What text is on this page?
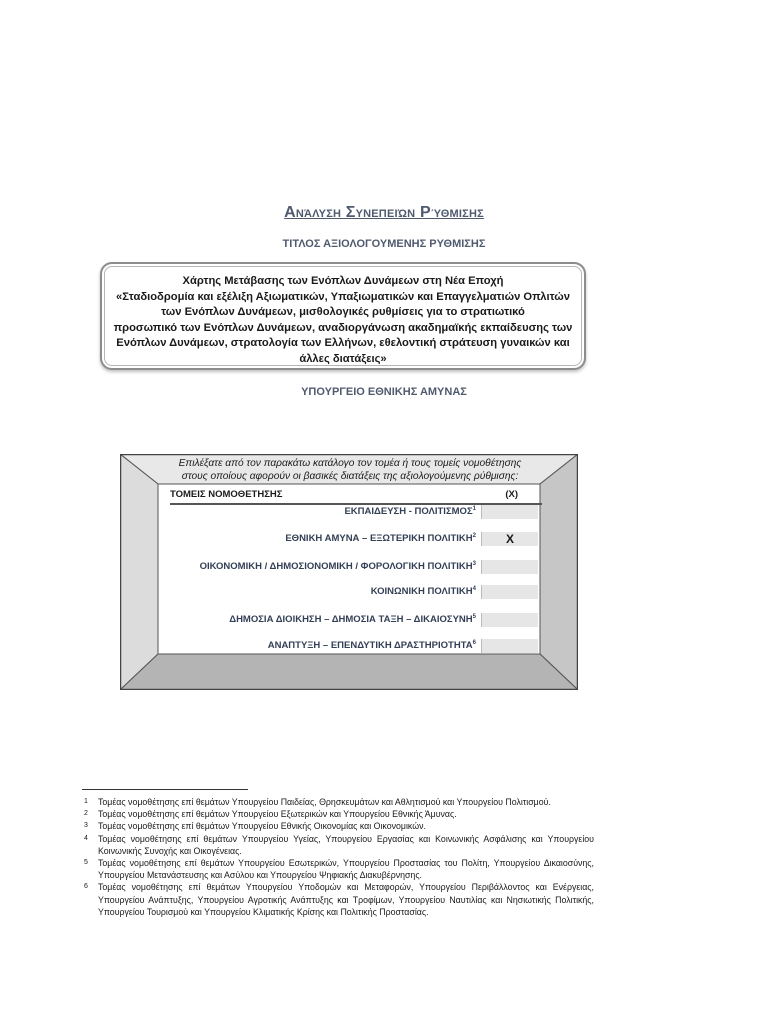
Ανάλυση Συνεπειών Ρύθμισης
ΤΙΤΛΟΣ ΑΞΙΟΛΟΓΟΥΜΕΝΗΣ ΡΥΘΜΙΣΗΣ
Χάρτης Μετάβασης των Ενόπλων Δυνάμεων στη Νέα Εποχή
«Σταδιοδρομία και εξέλιξη Αξιωματικών, Υπαξιωματικών και Επαγγελματιών Οπλιτών
των Ενόπλων Δυνάμεων, μισθολογικές ρυθμίσεις για το στρατιωτικό
προσωπικό των Ενόπλων Δυνάμεων, αναδιοργάνωση ακαδημαϊκής εκπαίδευσης των
Ενόπλων Δυνάμεων, στρατολογία των Ελλήνων, εθελοντική στράτευση γυναικών και
άλλες διατάξεις»
ΥΠΟΥΡΓΕΙΟ ΕΘΝΙΚΗΣ ΑΜΥΝΑΣ
Επιλέξατε από τον παρακάτω κατάλογο τον τομέα ή τους τομείς νομοθέτησης
στους οποίους αφορούν οι βασικές διατάξεις της αξιολογούμενης ρύθμισης:
ΤΟΜΕΙΣ ΝΟΜΟΘΕΤΗΣΗΣ	(Χ)
ΕΚΠΑΙΔΕΥΣΗ - ΠΟΛΙΤΙΣΜΟΣ$^1$
ΕΘΝΙΚΗ ΑΜΥΝΑ – ΕΞΩΤΕΡΙΚΗ ΠΟΛΙΤΙΚΗ$^2$	X
ΟΙΚΟΝΟΜΙΚΗ / ΔΗΜΟΣΙΟΝΟΜΙΚΗ / ΦΟΡΟΛΟΓΙΚΗ ΠΟΛΙΤΙΚΗ$^3$
ΚΟΙΝΩΝΙΚΗ ΠΟΛΙΤΙΚΗ$^4$
ΔΗΜΟΣΙΑ ΔΙΟΙΚΗΣΗ – ΔΗΜΟΣΙΑ ΤΑΞΗ – ΔΙΚΑΙΟΣΥΝΗ$^5$
ΑΝΑΠΤΥΞΗ – ΕΠΕΝΔΥΤΙΚΗ ΔΡΑΣΤΗΡΙΟΤΗΤΑ$^6$
1 Τομέας νομοθέτησης επί θεμάτων Υπουργείου Παιδείας, Θρησκευμάτων και Αθλητισμού και Υπουργείου Πολιτισμού.
2 Τομέας νομοθέτησης επί θεμάτων Υπουργείου Εξωτερικών και Υπουργείου Εθνικής Άμυνας.
3 Τομέας νομοθέτησης επί θεμάτων Υπουργείου Εθνικής Οικονομίας και Οικονομικών.
4 Τομέας νομοθέτησης επί θεμάτων Υπουργείου Υγείας, Υπουργείου Εργασίας και Κοινωνικής Ασφάλισης και Υπουργείου Κοινωνικής Συνοχής και Οικογένειας.
5 Τομέας νομοθέτησης επί θεμάτων Υπουργείου Εσωτερικών, Υπουργείου Προστασίας του Πολίτη, Υπουργείου Δικαιοσύνης, Υπουργείου Μετανάστευσης και Ασύλου και Υπουργείου Ψηφιακής Διακυβέρνησης.
6 Τομέας νομοθέτησης επί θεμάτων Υπουργείου Υποδομών και Μεταφορών, Υπουργείου Περιβάλλοντος και Ενέργειας, Υπουργείου Ανάπτυξης, Υπουργείου Αγροτικής Ανάπτυξης και Τροφίμων, Υπουργείου Ναυτιλίας και Νησιωτικής Πολιτικής, Υπουργείου Τουρισμού και Υπουργείου Κλιματικής Κρίσης και Πολιτικής Προστασίας.
